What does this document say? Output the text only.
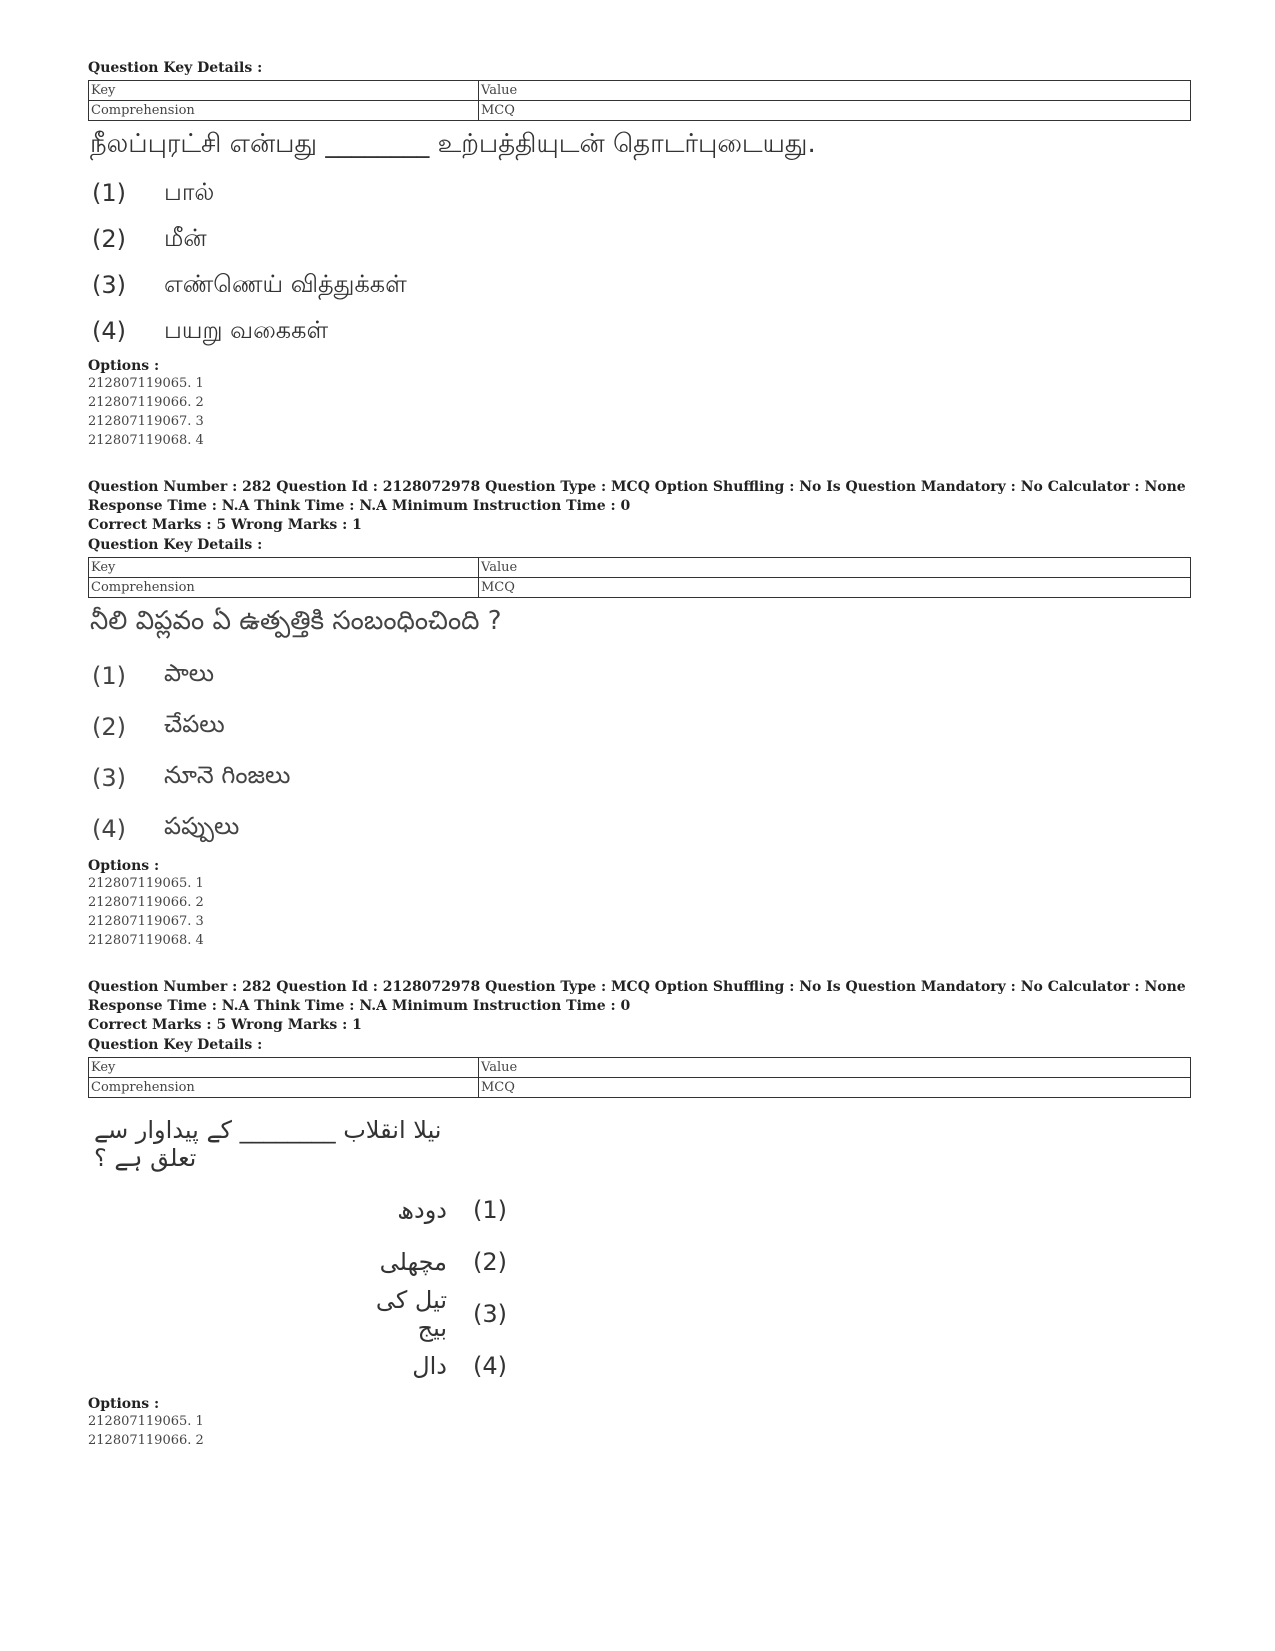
Question Key Details :
Key	Value
Comprehension	MCQ
நீலப்புரட்சி என்பது ________ உற்பத்தியுடன் தொடர்புடையது.
(1)	பால்
(2)	மீன்
(3)	எண்ணெய் வித்துக்கள்
(4)	பயறு வகைகள்
Options :
212807119065. 1
212807119066. 2
212807119067. 3
212807119068. 4
Question Number : 282 Question Id : 2128072978 Question Type : MCQ Option Shuffling : No Is Question Mandatory : No Calculator : None
Response Time : N.A Think Time : N.A Minimum Instruction Time : 0
Correct Marks : 5 Wrong Marks : 1
Question Key Details :
Key	Value
Comprehension	MCQ
నీలి విప్లవం ఏ ఉత్పత్తికి సంబంధించింది ?
(1)	పాలు
(2)	చేపలు
(3)	నూనె గింజలు
(4)	పప్పులు
Options :
212807119065. 1
212807119066. 2
212807119067. 3
212807119068. 4
Question Number : 282 Question Id : 2128072978 Question Type : MCQ Option Shuffling : No Is Question Mandatory : No Calculator : None
Response Time : N.A Think Time : N.A Minimum Instruction Time : 0
Correct Marks : 5 Wrong Marks : 1
Question Key Details :
Key	Value
Comprehension	MCQ
نیلا انقلاب ________ کے پیداوار سے تعلق ہے ؟
دودھ	(1)
مچھلی	(2)
تیل کی بیج	(3)
دال	(4)
Options :
212807119065. 1
212807119066. 2
